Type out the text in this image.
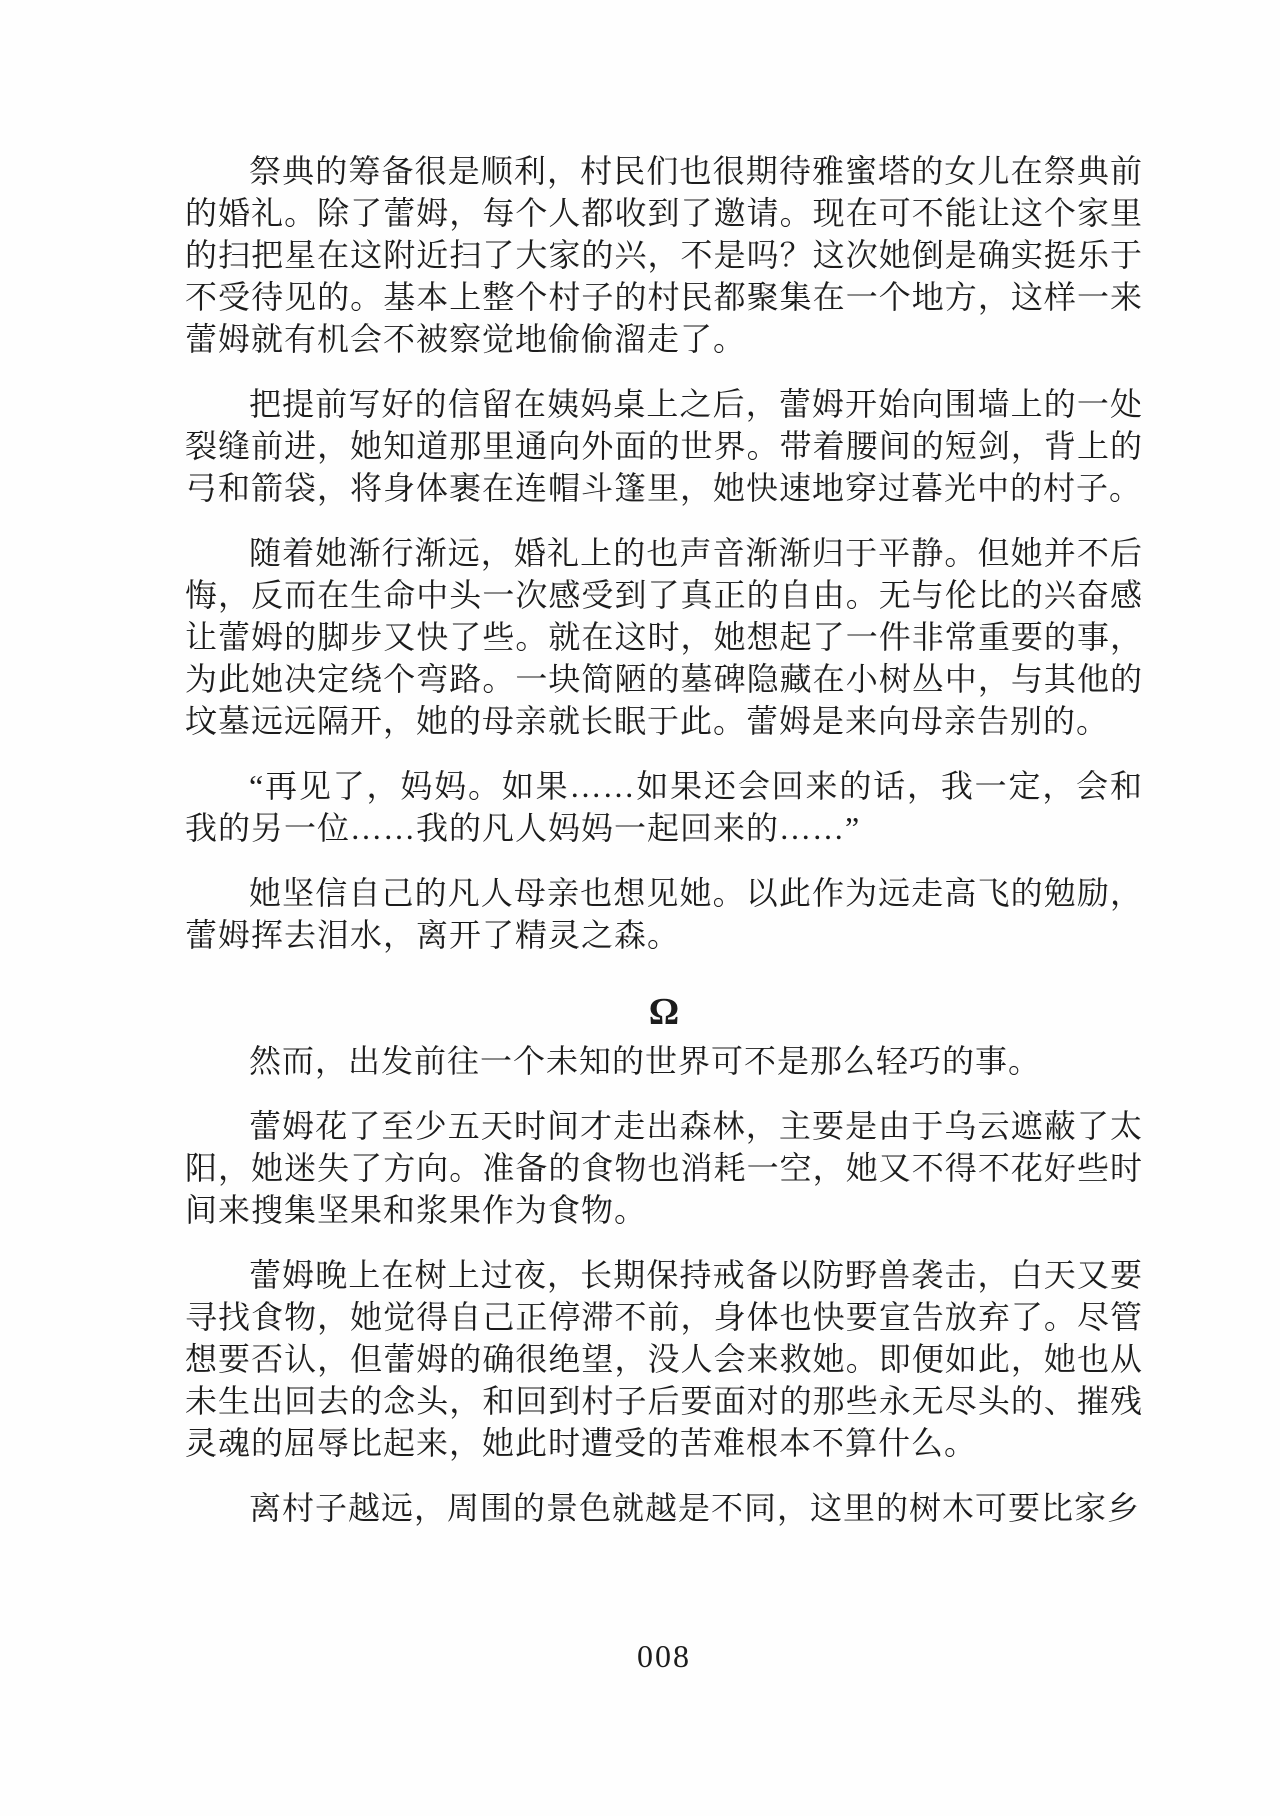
祭典的筹备很是顺利，村民们也很期待雅蜜塔的女儿在祭典前的婚礼。除了蕾姆，每个人都收到了邀请。现在可不能让这个家里的扫把星在这附近扫了大家的兴，不是吗？这次她倒是确实挺乐于不受待见的。基本上整个村子的村民都聚集在一个地方，这样一来蕾姆就有机会不被察觉地偷偷溜走了。

把提前写好的信留在姨妈桌上之后，蕾姆开始向围墙上的一处裂缝前进，她知道那里通向外面的世界。带着腰间的短剑，背上的弓和箭袋，将身体裹在连帽斗篷里，她快速地穿过暮光中的村子。

随着她渐行渐远，婚礼上的也声音渐渐归于平静。但她并不后悔，反而在生命中头一次感受到了真正的自由。无与伦比的兴奋感让蕾姆的脚步又快了些。就在这时，她想起了一件非常重要的事，为此她决定绕个弯路。一块简陋的墓碑隐藏在小树丛中，与其他的坟墓远远隔开，她的母亲就长眠于此。蕾姆是来向母亲告别的。

“再见了，妈妈。如果……如果还会回来的话，我一定，会和我的另一位……我的凡人妈妈一起回来的……”

她坚信自己的凡人母亲也想见她。以此作为远走高飞的勉励，蕾姆挥去泪水，离开了精灵之森。

Ω

然而，出发前往一个未知的世界可不是那么轻巧的事。

蕾姆花了至少五天时间才走出森林，主要是由于乌云遮蔽了太阳，她迷失了方向。准备的食物也消耗一空，她又不得不花好些时间来搜集坚果和浆果作为食物。

蕾姆晚上在树上过夜，长期保持戒备以防野兽袭击，白天又要寻找食物，她觉得自己正停滞不前，身体也快要宣告放弃了。尽管想要否认，但蕾姆的确很绝望，没人会来救她。即便如此，她也从未生出回去的念头，和回到村子后要面对的那些永无尽头的、摧残灵魂的屈辱比起来，她此时遭受的苦难根本不算什么。

离村子越远，周围的景色就越是不同，这里的树木可要比家乡

008
